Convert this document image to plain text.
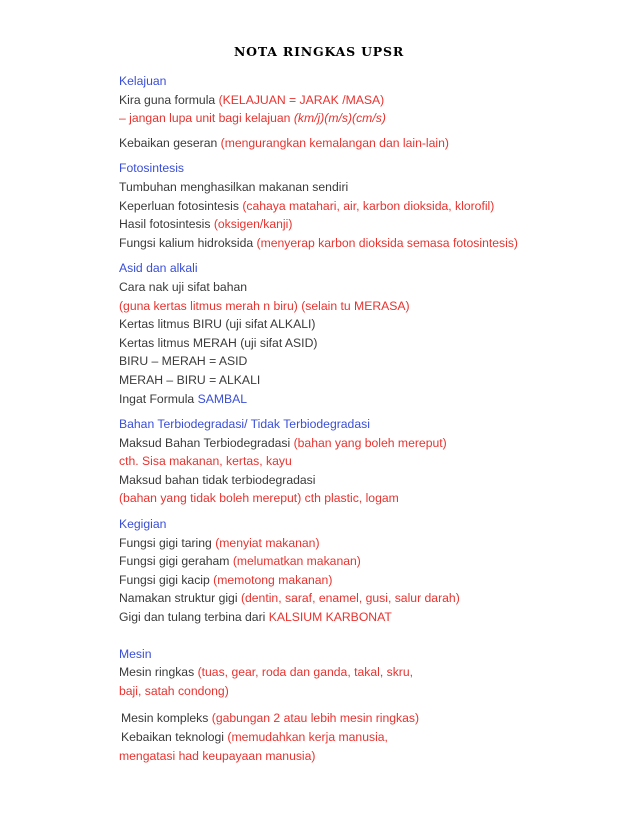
NOTA RINGKAS UPSR
Kelajuan
Kira guna formula (KELAJUAN = JARAK /MASA)
– jangan lupa unit bagi kelajuan (km/j)(m/s)(cm/s)
Kebaikan geseran (mengurangkan kemalangan dan lain-lain)
Fotosintesis
Tumbuhan menghasilkan makanan sendiri
Keperluan fotosintesis (cahaya matahari, air, karbon dioksida, klorofil)
Hasil fotosintesis (oksigen/kanji)
Fungsi kalium hidroksida (menyerap karbon dioksida semasa fotosintesis)
Asid dan alkali
Cara nak uji sifat bahan
(guna kertas litmus merah n biru) (selain tu MERASA)
Kertas litmus BIRU (uji sifat ALKALI)
Kertas litmus MERAH (uji sifat ASID)
BIRU – MERAH = ASID
MERAH – BIRU = ALKALI
Ingat Formula SAMBAL
Bahan Terbiodegradasi/ Tidak Terbiodegradasi
Maksud Bahan Terbiodegradasi (bahan yang boleh mereput)
cth. Sisa makanan, kertas, kayu
Maksud bahan tidak terbiodegradasi
(bahan yang tidak boleh mereput) cth plastic, logam
Kegigian
Fungsi gigi taring (menyiat makanan)
Fungsi gigi geraham (melumatkan makanan)
Fungsi gigi kacip (memotong makanan)
Namakan struktur gigi (dentin, saraf, enamel, gusi, salur darah)
Gigi dan tulang terbina dari KALSIUM KARBONAT
Mesin
Mesin ringkas (tuas, gear, roda dan ganda, takal, skru,
baji, satah condong)
Mesin kompleks (gabungan 2 atau lebih mesin ringkas)
Kebaikan teknologi (memudahkan kerja manusia,
mengatasi had keupayaan manusia)
